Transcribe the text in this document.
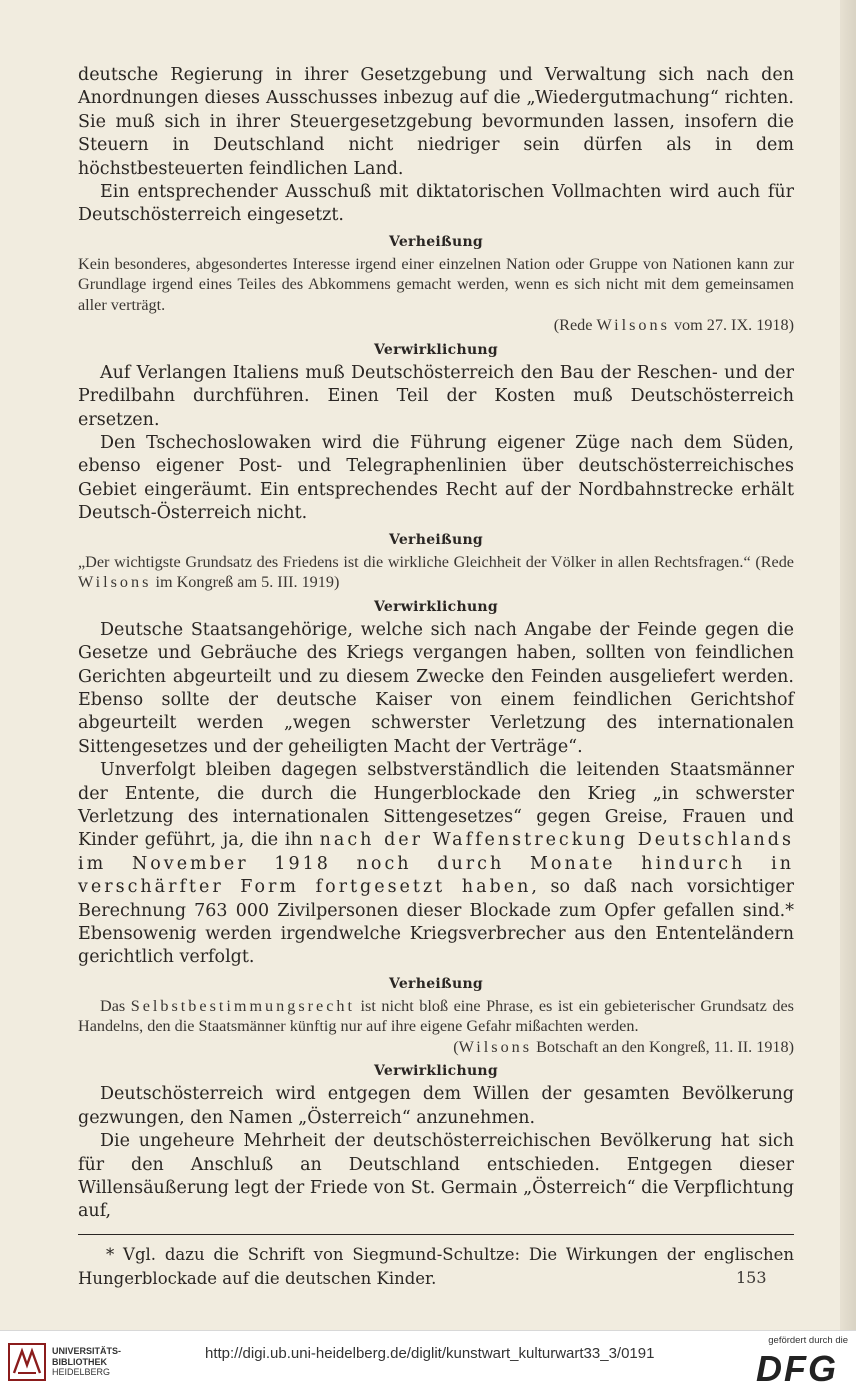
deutsche Regierung in ihrer Gesetzgebung und Verwaltung sich nach den Anordnungen dieses Ausschusses inbezug auf die „Wiedergutmachung“ richten. Sie muß sich in ihrer Steuergesetzgebung bevormunden lassen, insofern die Steuern in Deutschland nicht niedriger sein dürfen als in dem höchstbesteuerten feindlichen Land.

Ein entsprechender Ausschuß mit diktatorischen Vollmachten wird auch für Deutschösterreich eingesetzt.

Verheißung

Kein besonderes, abgesondertes Interesse irgend einer einzelnen Nation oder Gruppe von Nationen kann zur Grundlage irgend eines Teiles des Abkommens gemacht werden, wenn es sich nicht mit dem gemeinsamen aller verträgt.

(Rede Wilsons vom 27. IX. 1918)

Verwirklichung

Auf Verlangen Italiens muß Deutschösterreich den Bau der Reschen- und der Predilbahn durchführen. Einen Teil der Kosten muß Deutschösterreich ersetzen.

Den Tschechoslowaken wird die Führung eigener Züge nach dem Süden, ebenso eigener Post- und Telegraphenlinien über deutschösterreichisches Gebiet eingeräumt. Ein entsprechendes Recht auf der Nordbahnstrecke erhält Deutsch-Österreich nicht.

Verheißung

„Der wichtigste Grundsatz des Friedens ist die wirkliche Gleichheit der Völker in allen Rechtsfragen.“ (Rede Wilsons im Kongreß am 5. III. 1919)

Verwirklichung

Deutsche Staatsangehörige, welche sich nach Angabe der Feinde gegen die Gesetze und Gebräuche des Kriegs vergangen haben, sollten von feindlichen Gerichten abgeurteilt und zu diesem Zwecke den Feinden ausgeliefert werden. Ebenso sollte der deutsche Kaiser von einem feindlichen Gerichtshof abgeurteilt werden „wegen schwerster Verletzung des internationalen Sittengesetzes und der geheiligten Macht der Verträge“.

Unverfolgt bleiben dagegen selbstverständlich die leitenden Staatsmänner der Entente, die durch die Hungerblockade den Krieg „in schwerster Verletzung des internationalen Sittengesetzes“ gegen Greise, Frauen und Kinder geführt, ja, die ihn nach der Waffenstreckung Deutschlands im November 1918 noch durch Monate hindurch in verschärfter Form fortgesetzt haben, so daß nach vorsichtiger Berechnung 763 000 Zivilpersonen dieser Blockade zum Opfer gefallen sind.* Ebensowenig werden irgendwelche Kriegsverbrecher aus den Ententeländern gerichtlich verfolgt.

Verheißung

Das Selbstbestimmungsrecht ist nicht bloß eine Phrase, es ist ein gebieterischer Grundsatz des Handelns, den die Staatsmänner künftig nur auf ihre eigene Gefahr mißachten werden.

(Wilsons Botschaft an den Kongreß, 11. II. 1918)

Verwirklichung

Deutschösterreich wird entgegen dem Willen der gesamten Bevölkerung gezwungen, den Namen „Österreich“ anzunehmen.

Die ungeheure Mehrheit der deutschösterreichischen Bevölkerung hat sich für den Anschluß an Deutschland entschieden. Entgegen dieser Willensäußerung legt der Friede von St. Germain „Österreich“ die Verpflichtung auf,

* Vgl. dazu die Schrift von Siegmund-Schultze: Die Wirkungen der englischen Hungerblockade auf die deutschen Kinder.	153
UNIVERSITÄTS-
BIBLIOTHEK
HEIDELBERG
http://digi.ub.uni-heidelberg.de/diglit/kunstwart_kulturwart33_3/0191
gefördert durch die
DFG
